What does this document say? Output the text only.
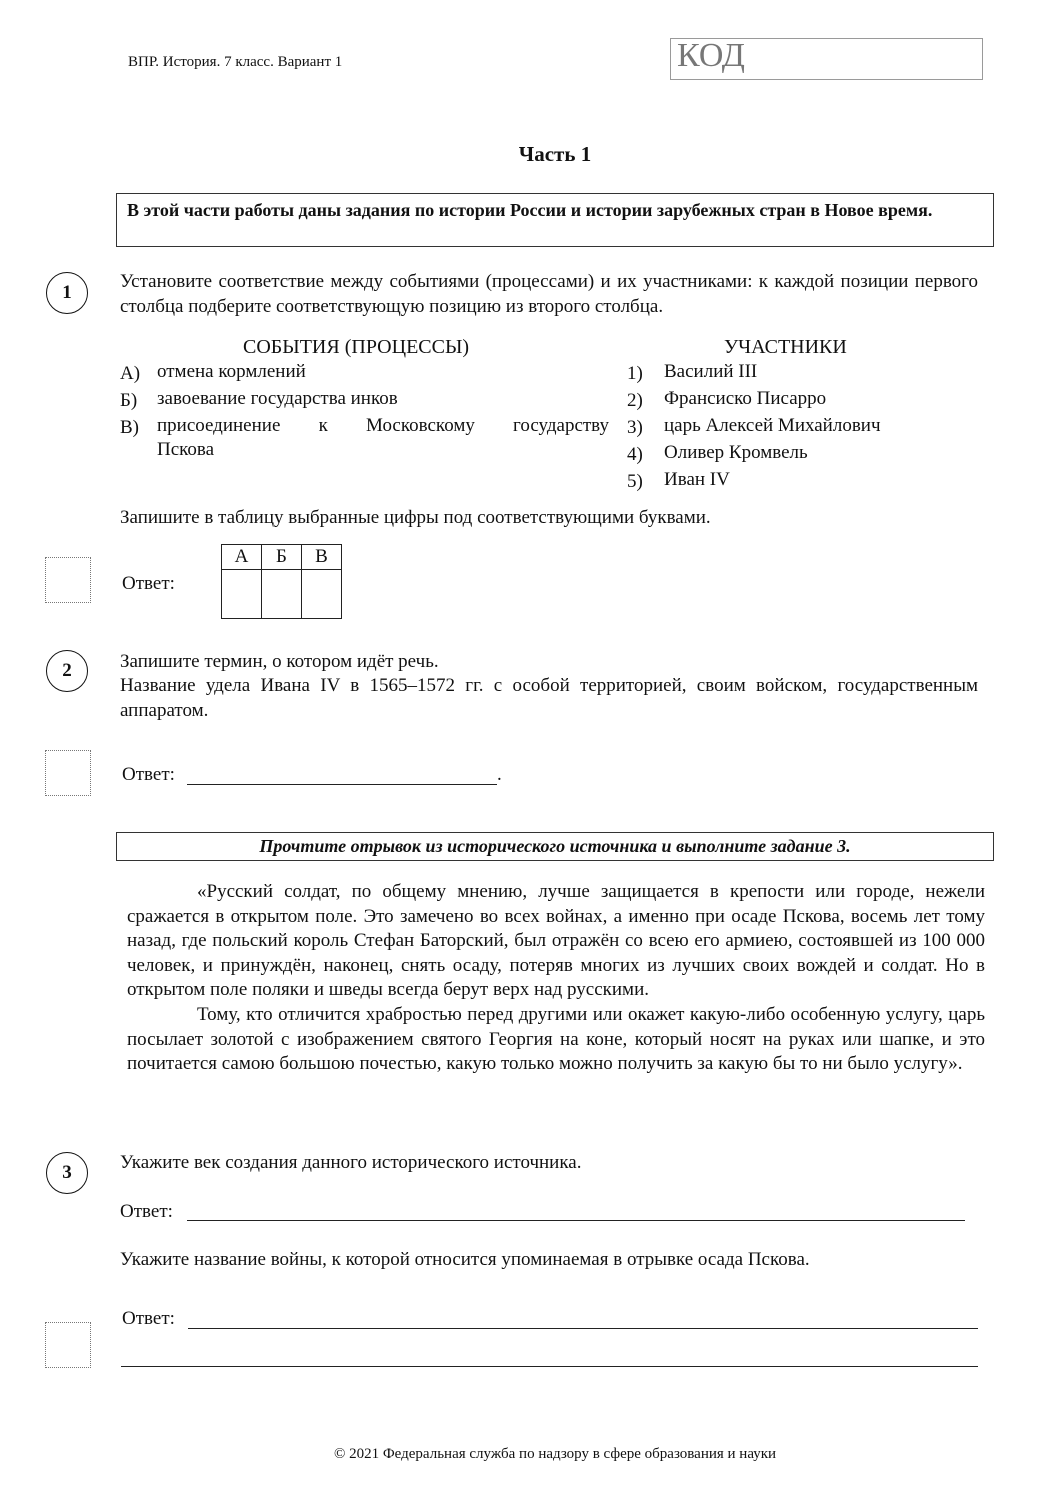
ВПР. История. 7 класс. Вариант 1	КОД
Часть 1
В этой части работы даны задания по истории России и истории зарубежных стран в Новое время.
1
Установите соответствие между событиями (процессами) и их участниками: к каждой позиции первого столбца подберите соответствующую позицию из второго столбца.
СОБЫТИЯ (ПРОЦЕССЫ)	УЧАСТНИКИ
А) отмена кормлений
Б) завоевание государства инков
В) присоединение к Московскому государству
Пскова
1) Василий III
2) Франсиско Писарро
3) царь Алексей Михайлович
4) Оливер Кромвель
5) Иван IV
Запишите в таблицу выбранные цифры под соответствующими буквами.
Ответ:
А	Б	В

2	Запишите термин, о котором идёт речь.
Название удела Ивана IV в 1565–1572 гг. с особой территорией, своим войском, государственным аппаратом.
Ответ:	.
Прочтите отрывок из исторического источника и выполните задание 3.

«Русский солдат, по общему мнению, лучше защищается в крепости или городе, нежели сражается в открытом поле. Это замечено во всех войнах, а именно при осаде Пскова, восемь лет тому назад, где польский король Стефан Баторский, был отражён со всею его армиею, состоявшей из 100 000 человек, и принуждён, наконец, снять осаду, потеряв многих из лучших своих вождей и солдат. Но в открытом поле поляки и шведы всегда берут верх над русскими.

Тому, кто отличится храбростью перед другими или окажет какую-либо особенную услугу, царь посылает золотой с изображением святого Георгия на коне, который носят на руках или шапке, и это почитается самою большою почестью, какую только можно получить за какую бы то ни было услугу».

3	Укажите век создания данного исторического источника.
Ответ:
Укажите название войны, к которой относится упоминаемая в отрывке осада Пскова.
Ответ:
© 2021 Федеральная служба по надзору в сфере образования и науки
